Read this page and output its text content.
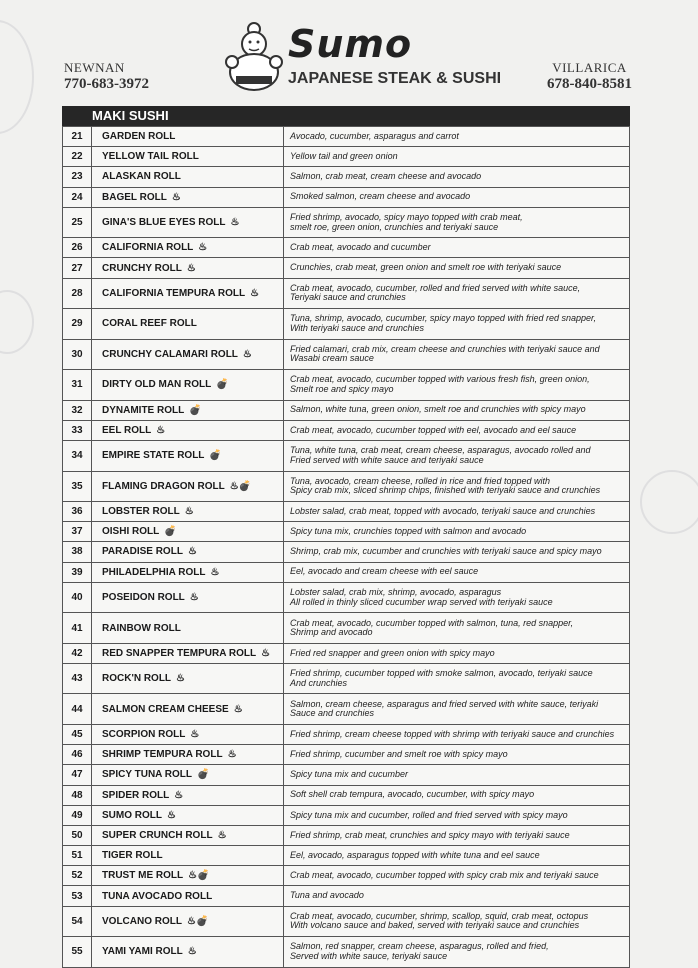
NEWNAN
770-683-3972
Sumo
JAPANESE STEAK & SUSHI
VILLARICA
678-840-8581
MAKI SUSHI
21	GARDEN ROLL	Avocado, cucumber, asparagus and carrot

22	YELLOW TAIL ROLL	Yellow tail and green onion

23	ALASKAN ROLL	Salmon, crab meat, cream cheese and avocado

24	BAGEL ROLL ♨	Smoked salmon, cream cheese and avocado

25	GINA'S BLUE EYES ROLL ♨	Fried shrimp, avocado, spicy mayo topped with crab meat,
smelt roe, green onion, crunchies and teriyaki sauce

26	CALIFORNIA ROLL ♨	Crab meat, avocado and cucumber

27	CRUNCHY ROLL ♨	Crunchies, crab meat, green onion and smelt roe with teriyaki sauce

28	CALIFORNIA TEMPURA ROLL ♨	Crab meat, avocado, cucumber, rolled and fried served with white sauce,
Teriyaki sauce and crunchies

29	CORAL REEF ROLL	Tuna, shrimp, avocado, cucumber, spicy mayo topped with fried red snapper,
With teriyaki sauce and crunchies

30	CRUNCHY CALAMARI ROLL ♨	Fried calamari, crab mix, cream cheese and crunchies with teriyaki sauce and
Wasabi cream sauce

31	DIRTY OLD MAN ROLL 💣	Crab meat, avocado, cucumber topped with various fresh fish, green onion,
Smelt roe and spicy mayo

32	DYNAMITE ROLL 💣	Salmon, white tuna, green onion, smelt roe and crunchies with spicy mayo

33	EEL ROLL ♨	Crab meat, avocado, cucumber topped with eel, avocado and eel sauce

34	EMPIRE STATE ROLL 💣	Tuna, white tuna, crab meat, cream cheese, asparagus, avocado rolled and
Fried served with white sauce and teriyaki sauce

35	FLAMING DRAGON ROLL ♨💣	Tuna, avocado, cream cheese, rolled in rice and fried topped with
Spicy crab mix, sliced shrimp chips, finished with teriyaki sauce and crunchies

36	LOBSTER ROLL ♨	Lobster salad, crab meat, topped with avocado, teriyaki sauce and crunchies

37	OISHI ROLL 💣	Spicy tuna mix, crunchies topped with salmon and avocado

38	PARADISE ROLL ♨	Shrimp, crab mix, cucumber and crunchies with teriyaki sauce and spicy mayo

39	PHILADELPHIA ROLL ♨	Eel, avocado and cream cheese with eel sauce

40	POSEIDON ROLL ♨	Lobster salad, crab mix, shrimp, avocado, asparagus
All rolled in thinly sliced cucumber wrap served with teriyaki sauce

41	RAINBOW ROLL	Crab meat, avocado, cucumber topped with salmon, tuna, red snapper,
Shrimp and avocado

42	RED SNAPPER TEMPURA ROLL ♨	Fried red snapper and green onion with spicy mayo

43	ROCK'N ROLL ♨	Fried shrimp, cucumber topped with smoke salmon, avocado, teriyaki sauce
And crunchies

44	SALMON CREAM CHEESE ♨	Salmon, cream cheese, asparagus and fried served with white sauce, teriyaki
Sauce and crunchies

45	SCORPION ROLL ♨	Fried shrimp, cream cheese topped with shrimp with teriyaki sauce and crunchies

46	SHRIMP TEMPURA ROLL ♨	Fried shrimp, cucumber and smelt roe with spicy mayo

47	SPICY TUNA ROLL 💣	Spicy tuna mix and cucumber

48	SPIDER ROLL ♨	Soft shell crab tempura, avocado, cucumber, with spicy mayo

49	SUMO ROLL ♨	Spicy tuna mix and cucumber, rolled and fried served with spicy mayo

50	SUPER CRUNCH ROLL ♨	Fried shrimp, crab meat, crunchies and spicy mayo with teriyaki sauce

51	TIGER ROLL	Eel, avocado, asparagus topped with white tuna and eel sauce

52	TRUST ME ROLL ♨💣	Crab meat, avocado, cucumber topped with spicy crab mix and teriyaki sauce

53	TUNA AVOCADO ROLL	Tuna and avocado

54	VOLCANO ROLL ♨💣	Crab meat, avocado, cucumber, shrimp, scallop, squid, crab meat, octopus
With volcano sauce and baked, served with teriyaki sauce and crunchies

55	YAMI YAMI ROLL ♨	Salmon, red snapper, cream cheese, asparagus, rolled and fried,
Served with white sauce, teriyaki sauce
